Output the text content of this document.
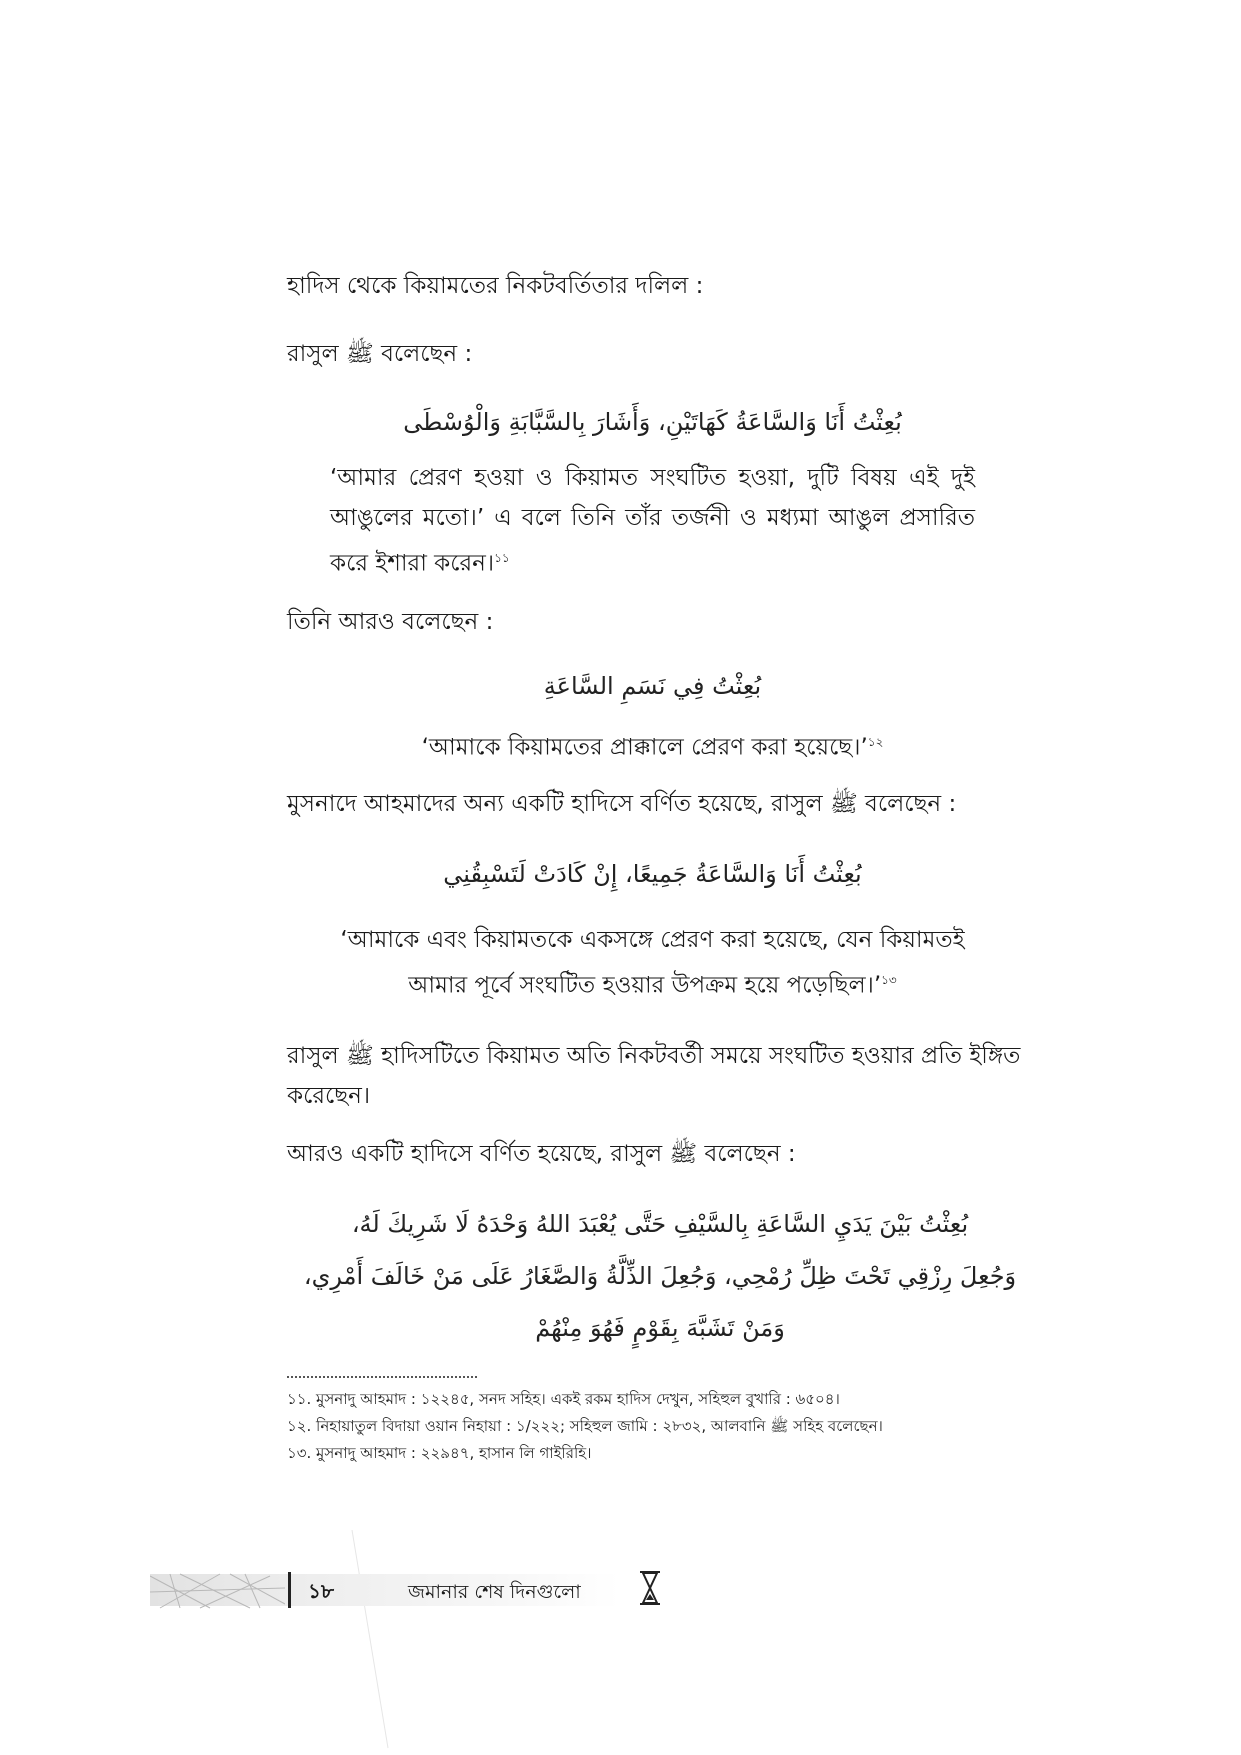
হাদিস থেকে কিয়ামতের নিকটবর্তিতার দলিল :
রাসুল ﷺ বলেছেন :
بُعِثْتُ أَنَا وَالسَّاعَةُ كَهَاتَيْنِ، وَأَشَارَ بِالسَّبَّابَةِ وَالْوُسْطَى
‘আমার প্রেরণ হওয়া ও কিয়ামত সংঘটিত হওয়া, দুটি বিষয় এই দুই আঙুলের মতো।’ এ বলে তিনি তাঁর তর্জনী ও মধ্যমা আঙুল প্রসারিত করে ইশারা করেন।$^{১১}$
তিনি আরও বলেছেন :
بُعِثْتُ فِي نَسَمِ السَّاعَةِ
‘আমাকে কিয়ামতের প্রাক্কালে প্রেরণ করা হয়েছে।’$^{১২}$
মুসনাদে আহমাদের অন্য একটি হাদিসে বর্ণিত হয়েছে, রাসুল ﷺ বলেছেন :
بُعِثْتُ أَنَا وَالسَّاعَةُ جَمِيعًا، إِنْ كَادَتْ لَتَسْبِقُنِي
‘আমাকে এবং কিয়ামতকে একসঙ্গে প্রেরণ করা হয়েছে, যেন কিয়ামতই আমার পূর্বে সংঘটিত হওয়ার উপক্রম হয়ে পড়েছিল।’$^{১৩}$
রাসুল ﷺ হাদিসটিতে কিয়ামত অতি নিকটবর্তী সময়ে সংঘটিত হওয়ার প্রতি ইঙ্গিত করেছেন।
আরও একটি হাদিসে বর্ণিত হয়েছে, রাসুল ﷺ বলেছেন :
بُعِثْتُ بَيْنَ يَدَيِ السَّاعَةِ بِالسَّيْفِ حَتَّى يُعْبَدَ اللهُ وَحْدَهُ لَا شَرِيكَ لَهُ،
وَجُعِلَ رِزْقِي تَحْتَ ظِلِّ رُمْحِي، وَجُعِلَ الذِّلَّةُ وَالصَّغَارُ عَلَى مَنْ خَالَفَ أَمْرِي،
وَمَنْ تَشَبَّهَ بِقَوْمٍ فَهُوَ مِنْهُمْ

১১. মুসনাদু আহমাদ : ১২২৪৫, সনদ সহিহ। একই রকম হাদিস দেখুন, সহিহুল বুখারি : ৬৫০৪।

১২. নিহায়াতুল বিদায়া ওয়ান নিহায়া : ১/২২২; সহিহুল জামি : ২৮৩২, আলবানি ﷺ সহিহ বলেছেন।

১৩. মুসনাদু আহমাদ : ২২৯৪৭, হাসান লি গাইরিহি।

১৮	জমানার শেষ দিনগুলো
